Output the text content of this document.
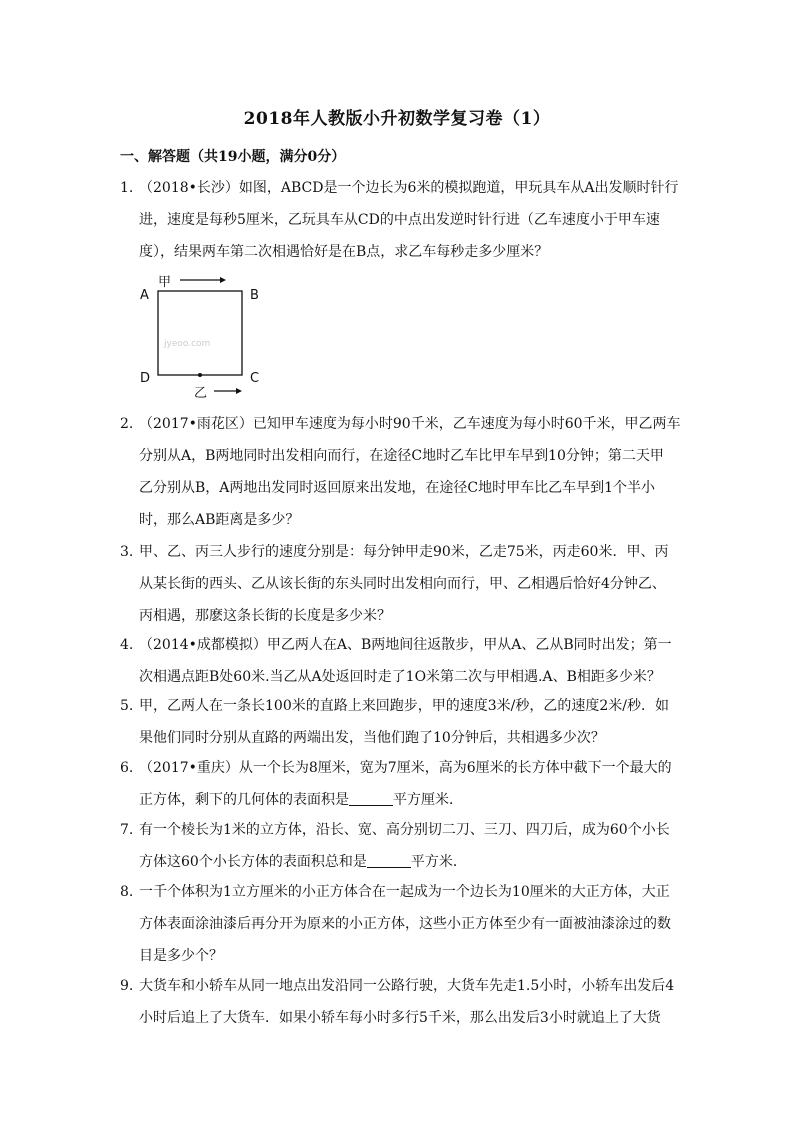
2018年人教版小升初数学复习卷（1）
一、解答题（共19小题，满分0分）
1. （2018•长沙）如图，ABCD是一个边长为6米的模拟跑道，甲玩具车从A出发顺时针行
进，速度是每秒5厘米，乙玩具车从CD的中点出发逆时针行进（乙车速度小于甲车速
度），结果两车第二次相遇恰好是在B点，求乙车每秒走多少厘米？
甲
A	B
jyeoo.com
D	C
乙
2. （2017•雨花区）已知甲车速度为每小时90千米，乙车速度为每小时60千米，甲乙两车
分别从A，B两地同时出发相向而行，在途径C地时乙车比甲车早到10分钟；第二天甲
乙分别从B，A两地出发同时返回原来出发地，在途径C地时甲车比乙车早到1个半小
时，那么AB距离是多少？
3. 甲、乙、丙三人步行的速度分别是：每分钟甲走90米，乙走75米，丙走60米．甲、丙
从某长街的西头、乙从该长街的东头同时出发相向而行，甲、乙相遇后恰好4分钟乙、
丙相遇，那麽这条长街的长度是多少米？
4. （2014•成都模拟）甲乙两人在A、B两地间往返散步，甲从A、乙从B同时出发；第一
次相遇点距B处60米.当乙从A处返回时走了1O米第二次与甲相遇.A、B相距多少米？
5. 甲，乙两人在一条长100米的直路上来回跑步，甲的速度3米/秒，乙的速度2米/秒．如
果他们同时分别从直路的两端出发，当他们跑了10分钟后，共相遇多少次？
6. （2017•重庆）从一个长为8厘米，宽为7厘米，高为6厘米的长方体中截下一个最大的
正方体，剩下的几何体的表面积是	平方厘米．
7. 有一个棱长为1米的立方体，沿长、宽、高分别切二刀、三刀、四刀后，成为60个小长
方体这60个小长方体的表面积总和是	平方米．
8. 一千个体积为1立方厘米的小正方体合在一起成为一个边长为10厘米的大正方体，大正
方体表面涂油漆后再分开为原来的小正方体，这些小正方体至少有一面被油漆涂过的数
目是多少个？
9. 大货车和小轿车从同一地点出发沿同一公路行驶，大货车先走1.5小时，小轿车出发后4
小时后追上了大货车．如果小轿车每小时多行5千米，那么出发后3小时就追上了大货
